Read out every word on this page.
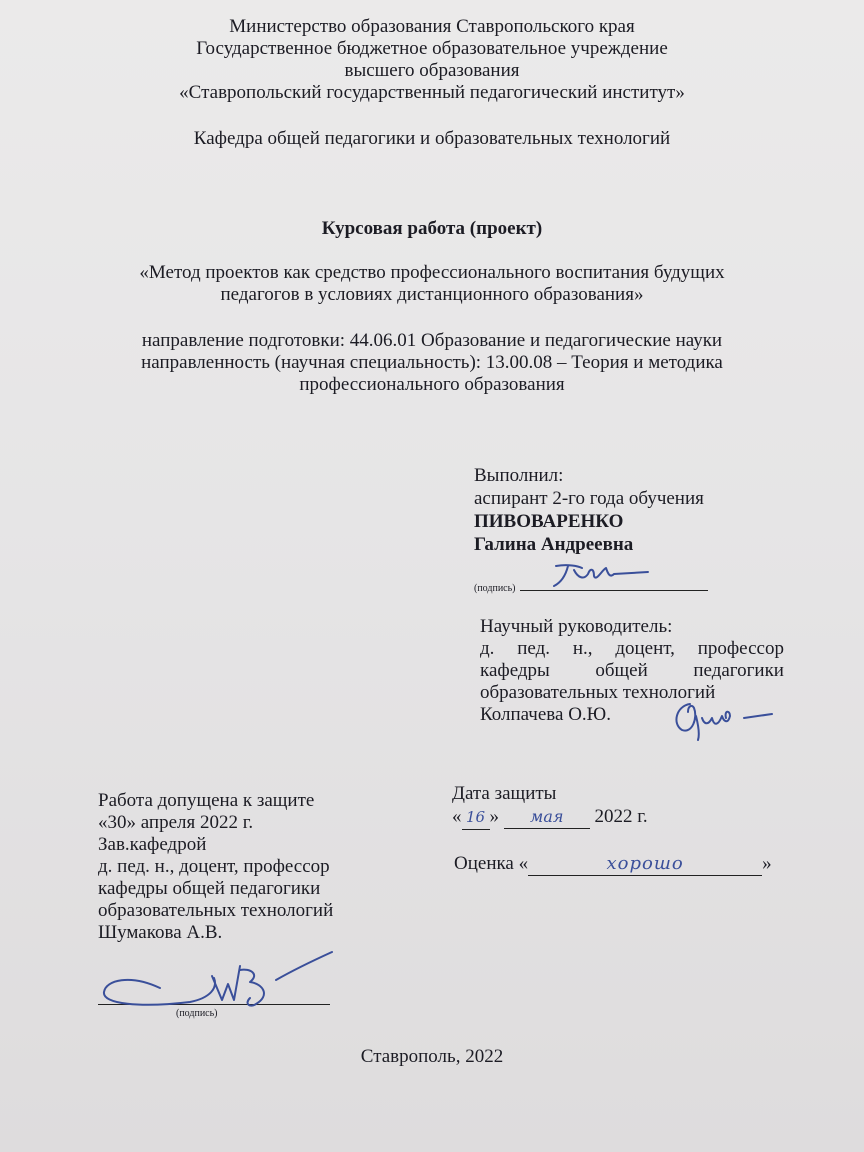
Министерство образования Ставропольского края
Государственное бюджетное образовательное учреждение
высшего образования
«Ставропольский государственный педагогический институт»
Кафедра общей педагогики и образовательных технологий
Курсовая работа (проект)
«Метод проектов как средство профессионального воспитания будущих
педагогов в условиях дистанционного образования»
направление подготовки: 44.06.01 Образование и педагогические науки
направленность (научная специальность): 13.00.08 – Теория и методика
профессионального образования
Выполнил:
аспирант 2-го года обучения
ПИВОВАРЕНКО
Галина Андреевна
(подпись)
Научный руководитель:
д. пед. н., доцент, профессор
кафедры общей педагогики
образовательных технологий
Колпачева О.Ю.
Работа допущена к защите
«30» апреля 2022 г.
Зав.кафедрой
д. пед. н., доцент, профессор
кафедры общей педагогики
образовательных технологий
Шумакова А.В.
(подпись)
Дата защиты
« 16 » мая 2022 г.
Оценка «	хорошо	»
Ставрополь, 2022
